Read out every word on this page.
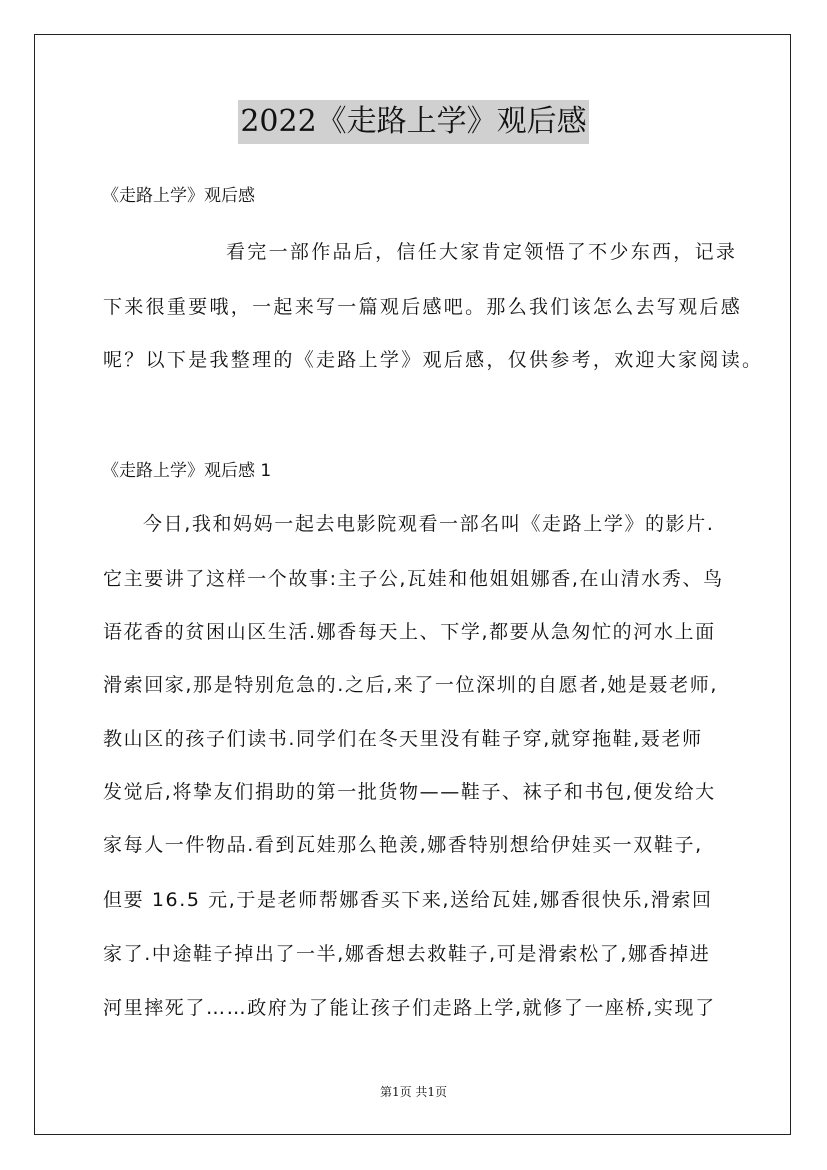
2022《走路上学》观后感
《走路上学》观后感
看完一部作品后，信任大家肯定领悟了不少东西，记录
下来很重要哦，一起来写一篇观后感吧。那么我们该怎么去写观后感
呢？以下是我整理的《走路上学》观后感，仅供参考，欢迎大家阅读。
《走路上学》观后感 1
今日,我和妈妈一起去电影院观看一部名叫《走路上学》的影片.
它主要讲了这样一个故事:主子公,瓦娃和他姐姐娜香,在山清水秀、鸟
语花香的贫困山区生活.娜香每天上、下学,都要从急匆忙的河水上面
滑索回家,那是特别危急的.之后,来了一位深圳的自愿者,她是聂老师,
教山区的孩子们读书.同学们在冬天里没有鞋子穿,就穿拖鞋,聂老师
发觉后,将挚友们捐助的第一批货物——鞋子、袜子和书包,便发给大
家每人一件物品.看到瓦娃那么艳羡,娜香特别想给伊娃买一双鞋子,
但要 16.5 元,于是老师帮娜香买下来,送给瓦娃,娜香很快乐,滑索回
家了.中途鞋子掉出了一半,娜香想去救鞋子,可是滑索松了,娜香掉进
河里摔死了……政府为了能让孩子们走路上学,就修了一座桥,实现了
第1页 共1页
